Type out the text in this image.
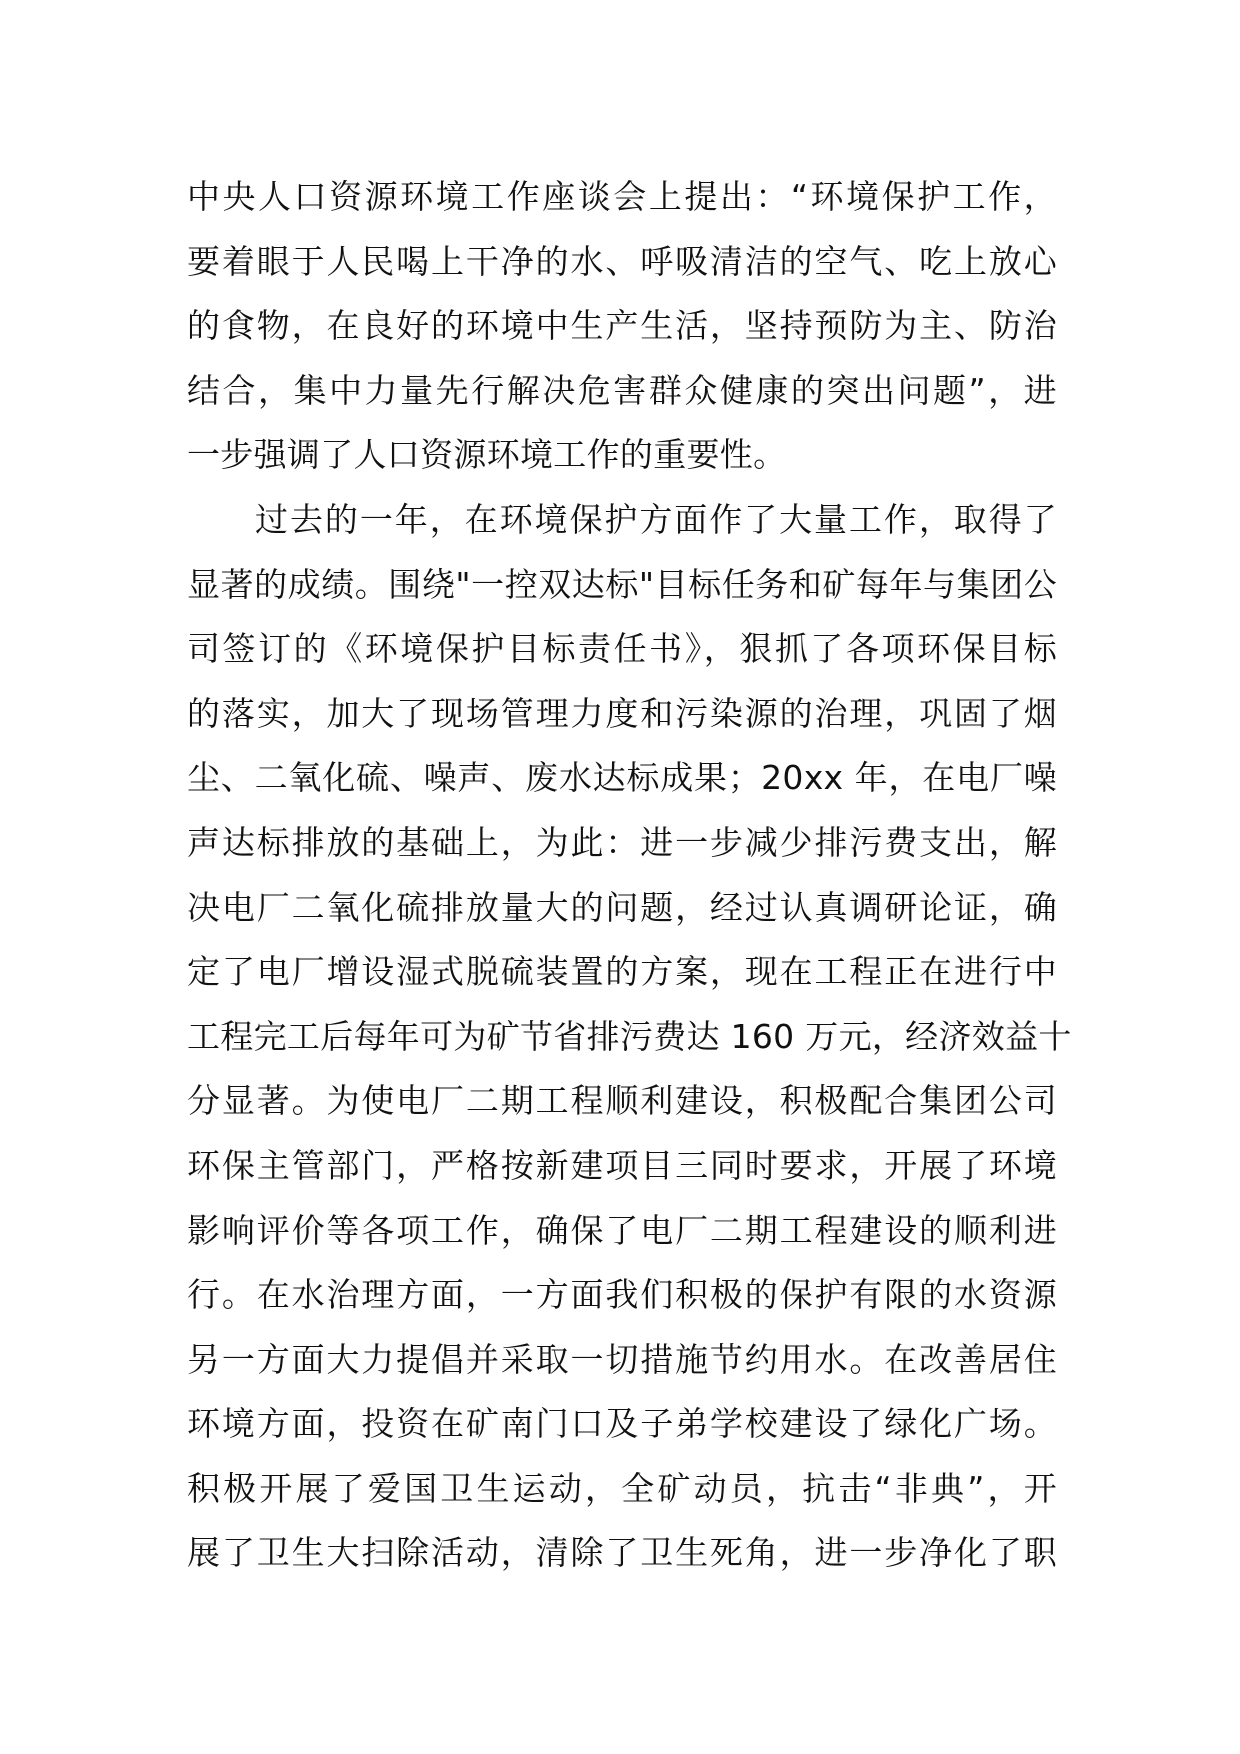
中央人口资源环境工作座谈会上提出：“环境保护工作，
要着眼于人民喝上干净的水、呼吸清洁的空气、吃上放心
的食物，在良好的环境中生产生活，坚持预防为主、防治
结合，集中力量先行解决危害群众健康的突出问题”，进
一步强调了人口资源环境工作的重要性。
过去的一年，在环境保护方面作了大量工作，取得了
显著的成绩。围绕"一控双达标"目标任务和矿每年与集团公
司签订的《环境保护目标责任书》，狠抓了各项环保目标
的落实，加大了现场管理力度和污染源的治理，巩固了烟
尘、二氧化硫、噪声、废水达标成果；20xx 年，在电厂噪
声达标排放的基础上，为此：进一步减少排污费支出，解
决电厂二氧化硫排放量大的问题，经过认真调研论证，确
定了电厂增设湿式脱硫装置的方案，现在工程正在进行中
工程完工后每年可为矿节省排污费达 160 万元，经济效益十
分显著。为使电厂二期工程顺利建设，积极配合集团公司
环保主管部门，严格按新建项目三同时要求，开展了环境
影响评价等各项工作，确保了电厂二期工程建设的顺利进
行。在水治理方面，一方面我们积极的保护有限的水资源
另一方面大力提倡并采取一切措施节约用水。在改善居住
环境方面，投资在矿南门口及子弟学校建设了绿化广场。
积极开展了爱国卫生运动，全矿动员，抗击“非典”，开
展了卫生大扫除活动，清除了卫生死角，进一步净化了职
